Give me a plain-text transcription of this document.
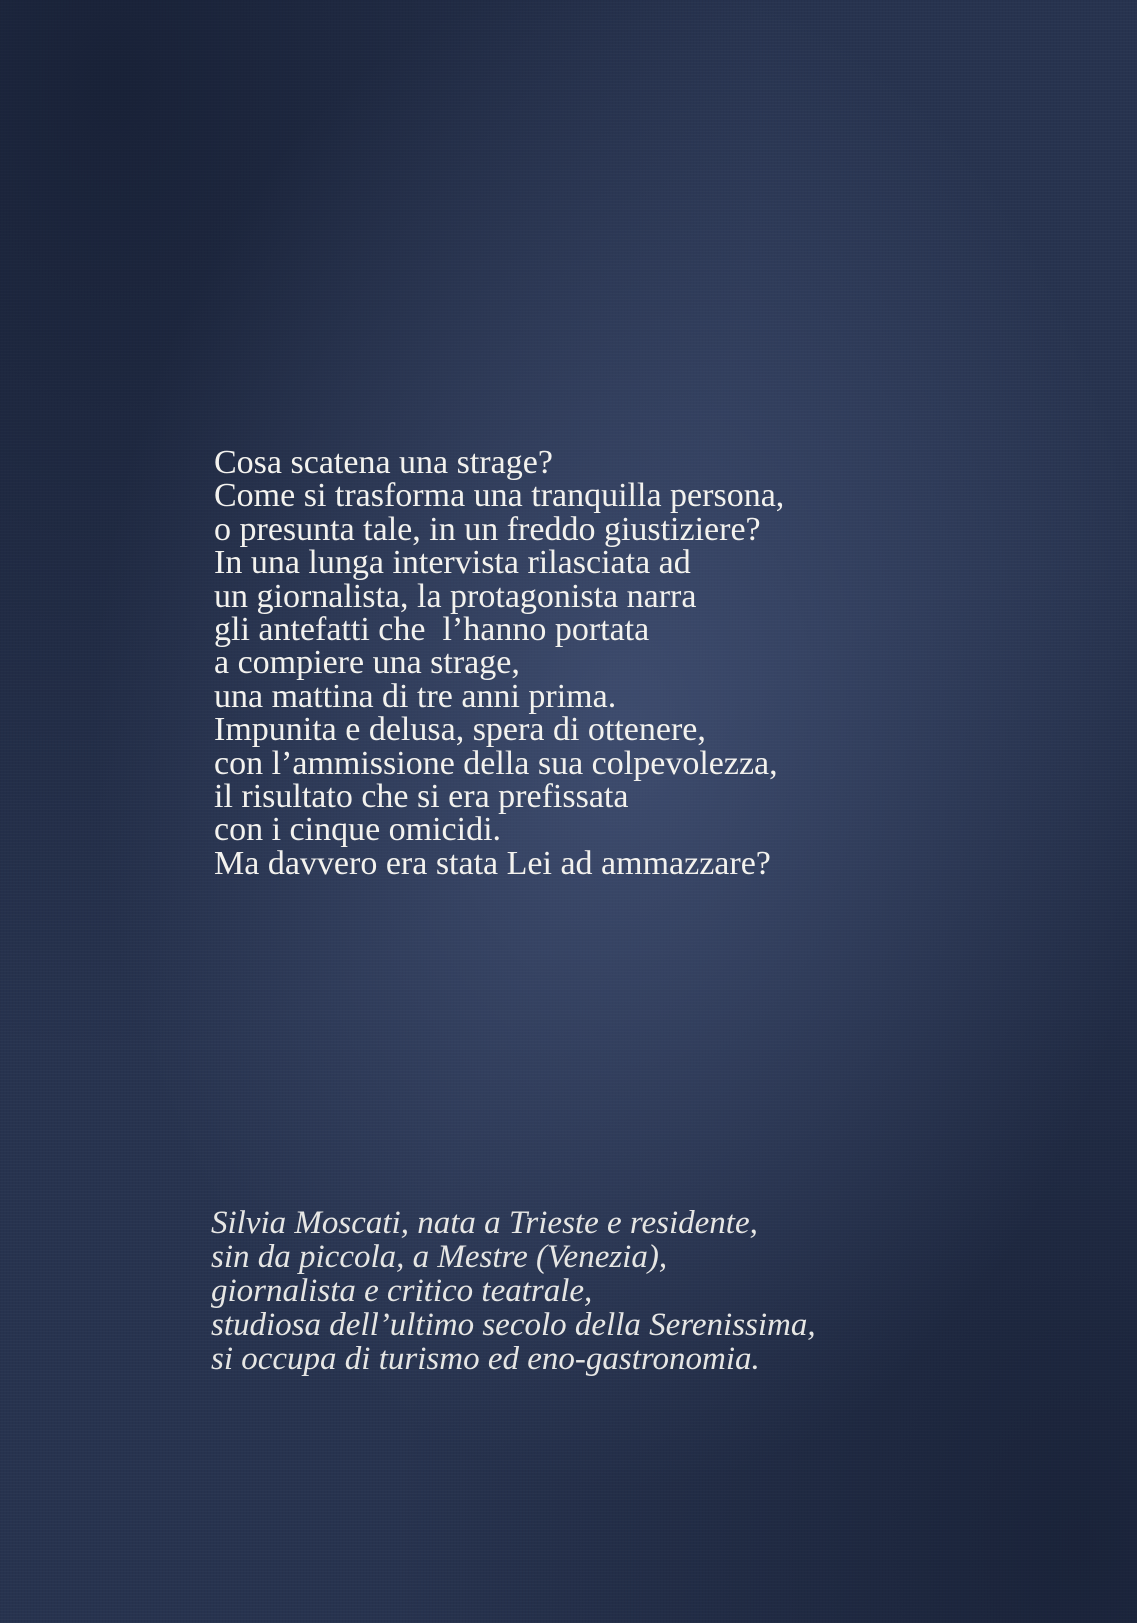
Cosa scatena una strage?
Come si trasforma una tranquilla persona,
o presunta tale, in un freddo giustiziere?
In una lunga intervista rilasciata ad
un giornalista, la protagonista narra
gli antefatti che  l’hanno portata
a compiere una strage,
una mattina di tre anni prima.
Impunita e delusa, spera di ottenere,
con l’ammissione della sua colpevolezza,
il risultato che si era prefissata
con i cinque omicidi.
Ma davvero era stata Lei ad ammazzare?
Silvia Moscati, nata a Trieste e residente,
sin da piccola, a Mestre (Venezia),
giornalista e critico teatrale,
studiosa dell’ultimo secolo della Serenissima,
si occupa di turismo ed eno-gastronomia.
